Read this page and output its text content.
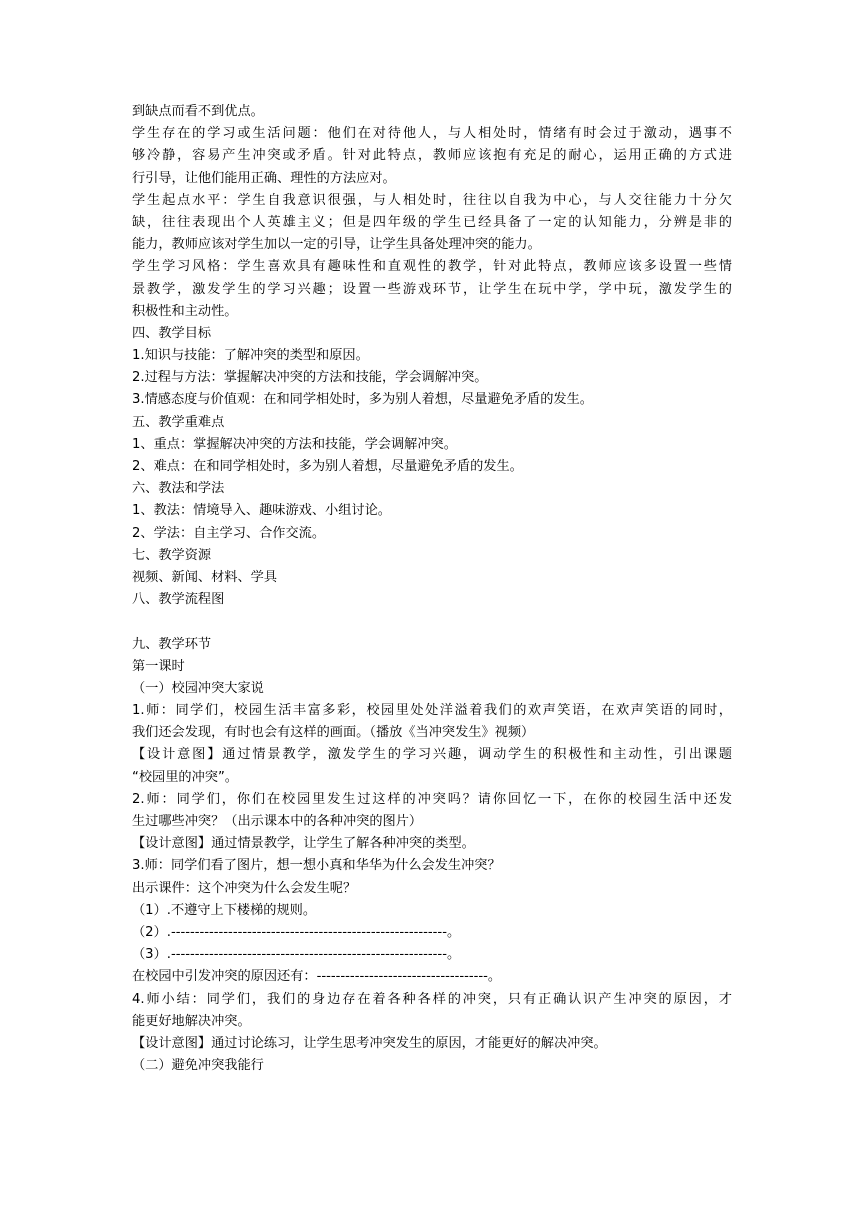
到缺点而看不到优点。
学生存在的学习或生活问题：他们在对待他人，与人相处时，情绪有时会过于激动，遇事不
够冷静，容易产生冲突或矛盾。针对此特点，教师应该抱有充足的耐心，运用正确的方式进
行引导，让他们能用正确、理性的方法应对。
学生起点水平：学生自我意识很强，与人相处时，往往以自我为中心，与人交往能力十分欠
缺，往往表现出个人英雄主义；但是四年级的学生已经具备了一定的认知能力，分辨是非的
能力，教师应该对学生加以一定的引导，让学生具备处理冲突的能力。
学生学习风格：学生喜欢具有趣味性和直观性的教学，针对此特点，教师应该多设置一些情
景教学，激发学生的学习兴趣；设置一些游戏环节，让学生在玩中学，学中玩，激发学生的
积极性和主动性。
四、教学目标
1.知识与技能：了解冲突的类型和原因。
2.过程与方法：掌握解决冲突的方法和技能，学会调解冲突。
3.情感态度与价值观：在和同学相处时，多为别人着想，尽量避免矛盾的发生。
五、教学重难点
1、重点：掌握解决冲突的方法和技能，学会调解冲突。
2、难点：在和同学相处时，多为别人着想，尽量避免矛盾的发生。
六、教法和学法
1、教法：情境导入、趣味游戏、小组讨论。
2、学法：自主学习、合作交流。
七、教学资源
视频、新闻、材料、学具
八、教学流程图
九、教学环节
第一课时
（一）校园冲突大家说
1.师：同学们，校园生活丰富多彩，校园里处处洋溢着我们的欢声笑语，在欢声笑语的同时，
我们还会发现，有时也会有这样的画面。（播放《当冲突发生》视频）
【设计意图】通过情景教学，激发学生的学习兴趣，调动学生的积极性和主动性，引出课题
“校园里的冲突”。
2.师：同学们，你们在校园里发生过这样的冲突吗？请你回忆一下，在你的校园生活中还发
生过哪些冲突？（出示课本中的各种冲突的图片）
【设计意图】通过情景教学，让学生了解各种冲突的类型。
3.师：同学们看了图片，想一想小真和华华为什么会发生冲突？
出示课件：这个冲突为什么会发生呢？
（1）.不遵守上下楼梯的规则。
（2）.----------------------------------------------------------。
（3）.----------------------------------------------------------。
在校园中引发冲突的原因还有：------------------------------------。
4.师小结：同学们，我们的身边存在着各种各样的冲突，只有正确认识产生冲突的原因，才
能更好地解决冲突。
【设计意图】通过讨论练习，让学生思考冲突发生的原因，才能更好的解决冲突。
（二）避免冲突我能行
